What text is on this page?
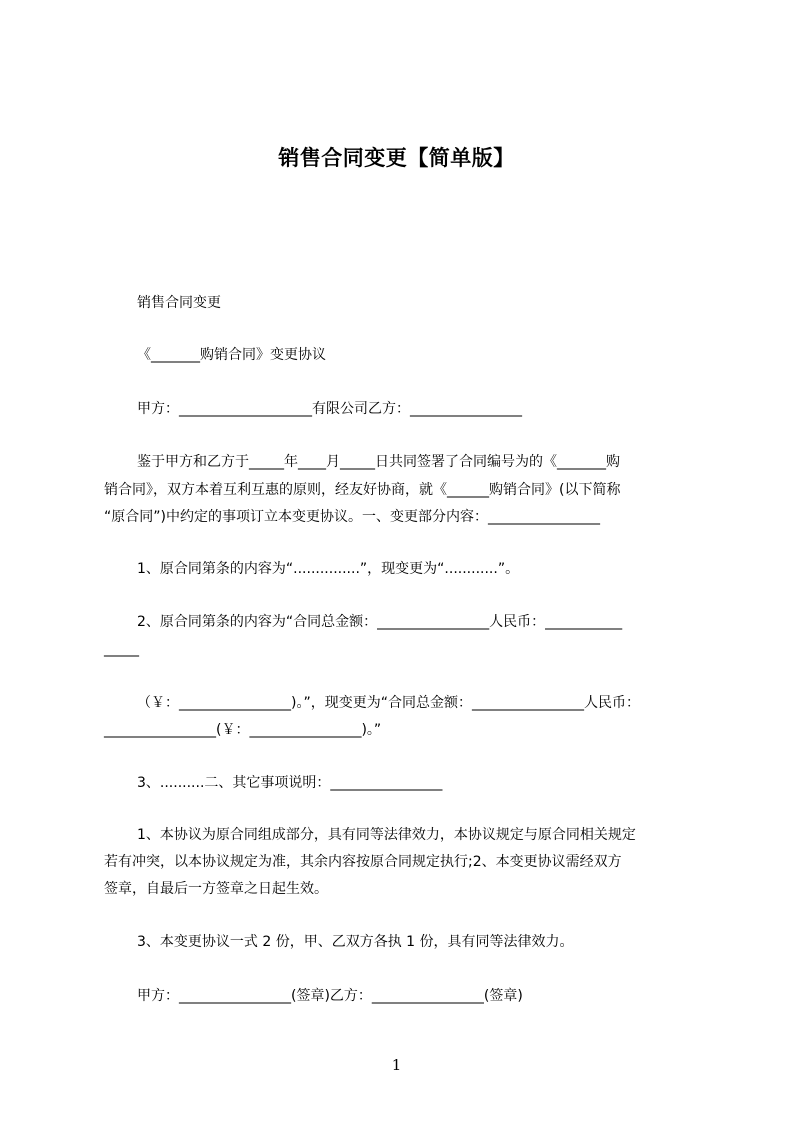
销售合同变更【简单版】
销售合同变更
《_______购销合同》变更协议
甲方：___________________有限公司乙方：________________
鉴于甲方和乙方于_____年____月_____日共同签署了合同编号为的《_______购
销合同》，双方本着互利互惠的原则，经友好协商，就《______购销合同》(以下简称
“原合同”)中约定的事项订立本变更协议。一、变更部分内容：________________
1、原合同第条的内容为“...............”，现变更为“............”。
2、原合同第条的内容为“合同总金额：________________人民币：___________
_____
（￥：________________)。”，现变更为“合同总金额：________________人民币：
________________(￥：________________)。”
3、..........二、其它事项说明：________________
1、本协议为原合同组成部分，具有同等法律效力，本协议规定与原合同相关规定
若有冲突，以本协议规定为准，其余内容按原合同规定执行;2、本变更协议需经双方
签章，自最后一方签章之日起生效。
3、本变更协议一式 2 份，甲、乙双方各执 1 份，具有同等法律效力。
甲方：________________(签章)乙方：________________(签章)
1
